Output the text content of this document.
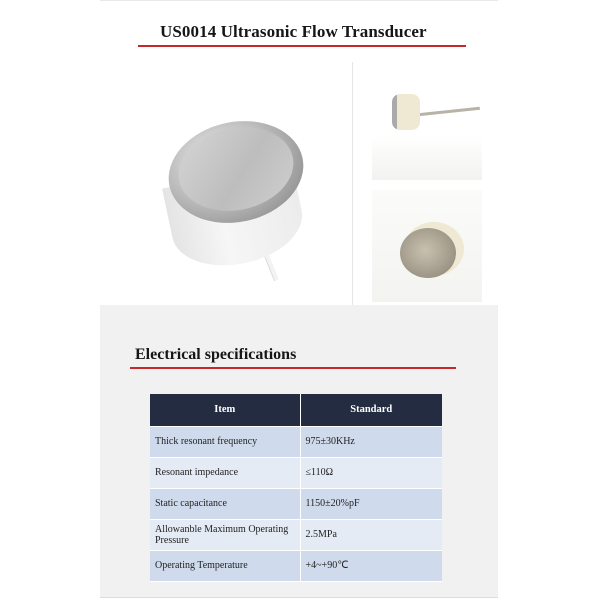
US0014 Ultrasonic Flow Transducer
Electrical specifications
Item	Standard
Thick resonant frequency	975±30KHz
Resonant impedance	≤110Ω
Static capacitance	1150±20%pF
Allowanble Maximum Operating Pressure	2.5MPa
Operating Temperature	+4~+90℃
